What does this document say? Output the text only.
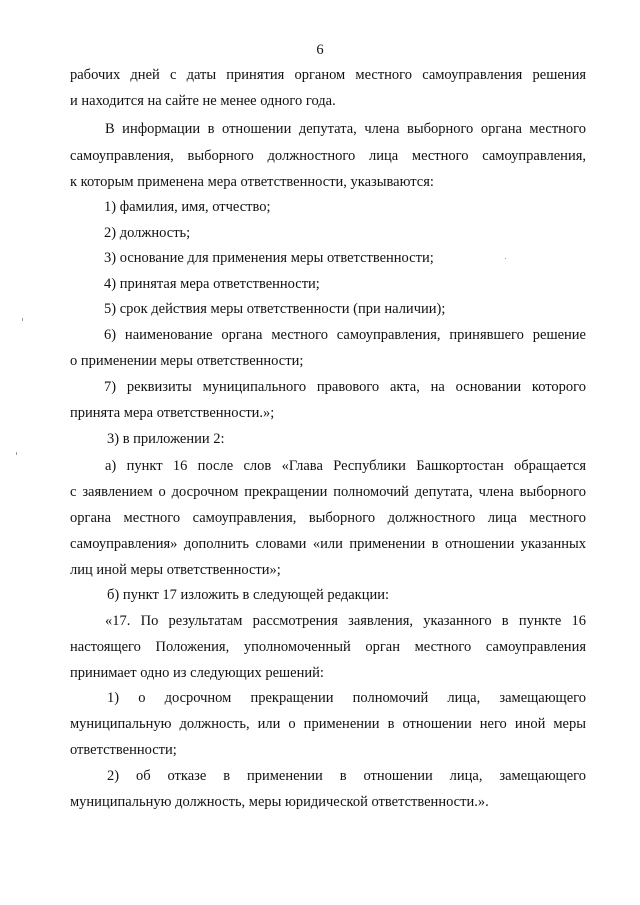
6
рабочих дней с даты принятия органом местного самоуправления решения
и находится на сайте не менее одного года.
В информации в отношении депутата, члена выборного органа местного
самоуправления, выборного должностного лица местного самоуправления,
к которым применена мера ответственности, указываются:
1) фамилия, имя, отчество;
2) должность;
3) основание для применения меры ответственности;
4) принятая мера ответственности;
5) срок действия меры ответственности (при наличии);
6) наименование органа местного самоуправления, принявшего решение
о применении меры ответственности;
7) реквизиты муниципального правового акта, на основании которого
принята мера ответственности.»;
3) в приложении 2:
а) пункт 16 после слов «Глава Республики Башкортостан обращается
с заявлением о досрочном прекращении полномочий депутата, члена выборного
органа местного самоуправления, выборного должностного лица местного
самоуправления» дополнить словами «или применении в отношении указанных
лиц иной меры ответственности»;
б) пункт 17 изложить в следующей редакции:
«17. По результатам рассмотрения заявления, указанного в пункте 16
настоящего Положения, уполномоченный орган местного самоуправления
принимает одно из следующих решений:
1) о досрочном прекращении полномочий лица, замещающего
муниципальную должность, или о применении в отношении него иной меры
ответственности;
2) об отказе в применении в отношении лица, замещающего
муниципальную должность, меры юридической ответственности.».
